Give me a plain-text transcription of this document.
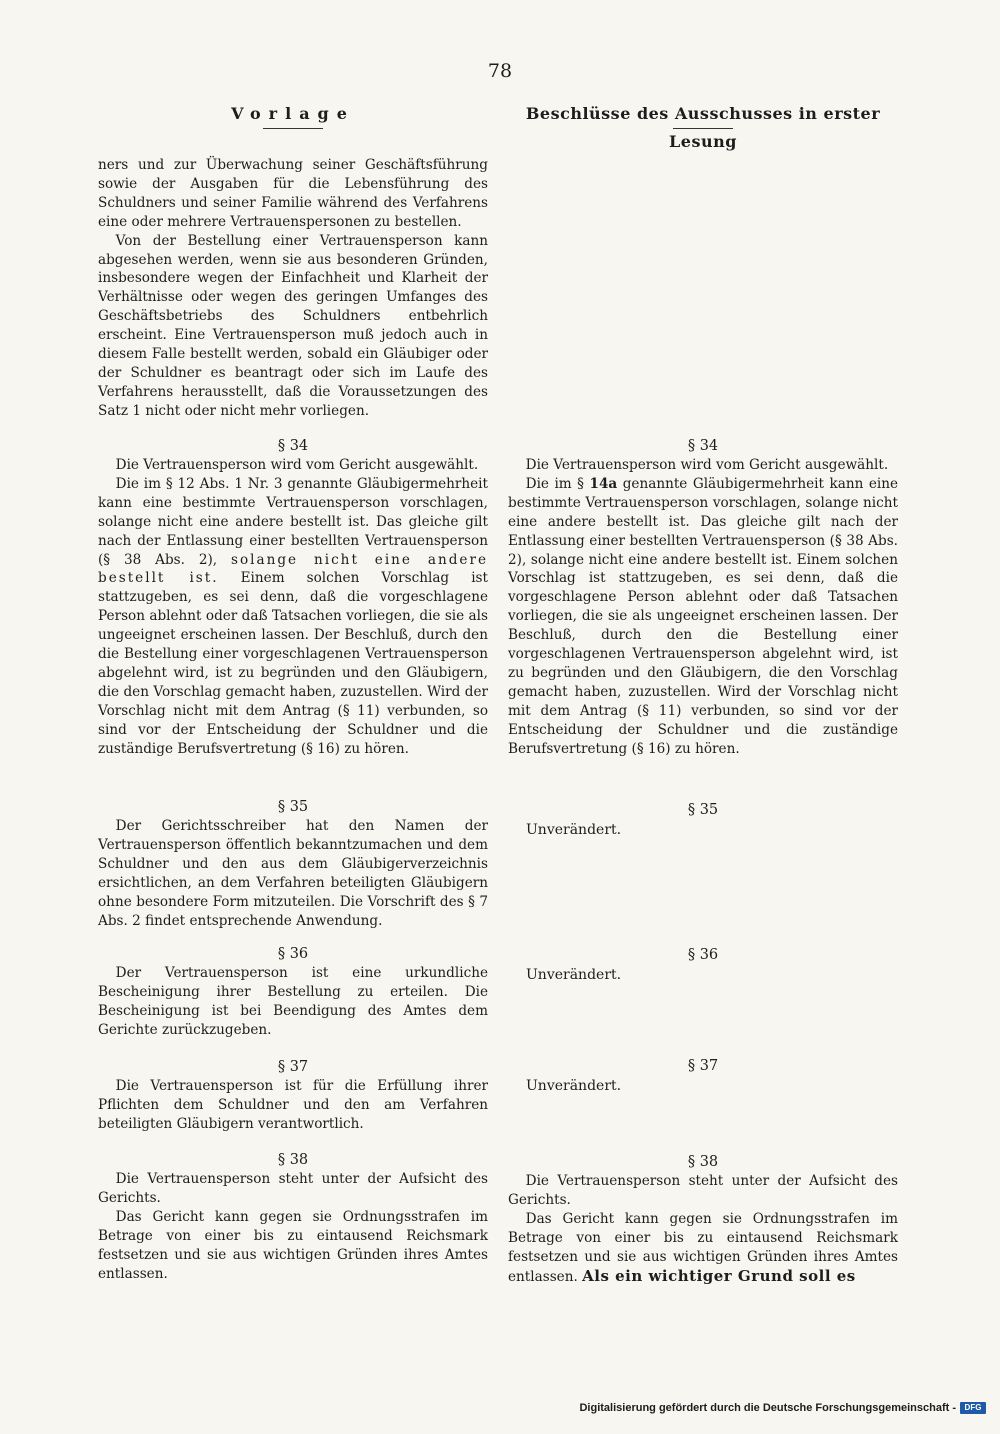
78
Vorlage

ners und zur Überwachung seiner Geschäftsführung sowie der Ausgaben für die Lebensführung des Schuldners und seiner Familie während des Verfahrens eine oder mehrere Vertrauenspersonen zu bestellen.

Von der Bestellung einer Vertrauensperson kann abgesehen werden, wenn sie aus besonderen Gründen, insbesondere wegen der Einfachheit und Klarheit der Verhältnisse oder wegen des geringen Umfanges des Geschäftsbetriebs des Schuldners entbehrlich erscheint. Eine Vertrauensperson muß jedoch auch in diesem Falle bestellt werden, sobald ein Gläubiger oder der Schuldner es beantragt oder sich im Laufe des Verfahrens herausstellt, daß die Voraussetzungen des Satz 1 nicht oder nicht mehr vorliegen.

§ 34

Die Vertrauensperson wird vom Gericht ausgewählt.

Die im § 12 Abs. 1 Nr. 3 genannte Gläubigermehrheit kann eine bestimmte Vertrauensperson vorschlagen, solange nicht eine andere bestellt ist. Das gleiche gilt nach der Entlassung einer bestellten Vertrauensperson (§ 38 Abs. 2), solange nicht eine andere bestellt ist. Einem solchen Vorschlag ist stattzugeben, es sei denn, daß die vorgeschlagene Person ablehnt oder daß Tatsachen vorliegen, die sie als ungeeignet erscheinen lassen. Der Beschluß, durch den die Bestellung einer vorgeschlagenen Vertrauensperson abgelehnt wird, ist zu begründen und den Gläubigern, die den Vorschlag gemacht haben, zuzustellen. Wird der Vorschlag nicht mit dem Antrag (§ 11) verbunden, so sind vor der Entscheidung der Schuldner und die zuständige Berufsvertretung (§ 16) zu hören.

§ 35

Der Gerichtsschreiber hat den Namen der Vertrauensperson öffentlich bekanntzumachen und dem Schuldner und den aus dem Gläubigerverzeichnis ersichtlichen, an dem Verfahren beteiligten Gläubigern ohne besondere Form mitzuteilen. Die Vorschrift des § 7 Abs. 2 findet entsprechende Anwendung.

§ 36

Der Vertrauensperson ist eine urkundliche Bescheinigung ihrer Bestellung zu erteilen. Die Bescheinigung ist bei Beendigung des Amtes dem Gerichte zurückzugeben.

§ 37

Die Vertrauensperson ist für die Erfüllung ihrer Pflichten dem Schuldner und den am Verfahren beteiligten Gläubigern verantwortlich.

§ 38

Die Vertrauensperson steht unter der Aufsicht des Gerichts.

Das Gericht kann gegen sie Ordnungsstrafen im Betrage von einer bis zu eintausend Reichsmark festsetzen und sie aus wichtigen Gründen ihres Amtes entlassen.

Beschlüsse des Ausschusses in erster Lesung
§ 34

Die Vertrauensperson wird vom Gericht ausgewählt.

Die im § 14a genannte Gläubigermehrheit kann eine bestimmte Vertrauensperson vorschlagen, solange nicht eine andere bestellt ist. Das gleiche gilt nach der Entlassung einer bestellten Vertrauensperson (§ 38 Abs. 2), solange nicht eine andere bestellt ist. Einem solchen Vorschlag ist stattzugeben, es sei denn, daß die vorgeschlagene Person ablehnt oder daß Tatsachen vorliegen, die sie als ungeeignet erscheinen lassen. Der Beschluß, durch den die Bestellung einer vorgeschlagenen Vertrauensperson abgelehnt wird, ist zu begründen und den Gläubigern, die den Vorschlag gemacht haben, zuzustellen. Wird der Vorschlag nicht mit dem Antrag (§ 11) verbunden, so sind vor der Entscheidung der Schuldner und die zuständige Berufsvertretung (§ 16) zu hören.

§ 35
Unverändert.
§ 36
Unverändert.
§ 37
Unverändert.
§ 38

Die Vertrauensperson steht unter der Aufsicht des Gerichts.

Das Gericht kann gegen sie Ordnungsstrafen im Betrage von einer bis zu eintausend Reichsmark festsetzen und sie aus wichtigen Gründen ihres Amtes entlassen. Als ein wichtiger Grund soll es

Digitalisierung gefördert durch die Deutsche Forschungsgemeinschaft -	DFG
